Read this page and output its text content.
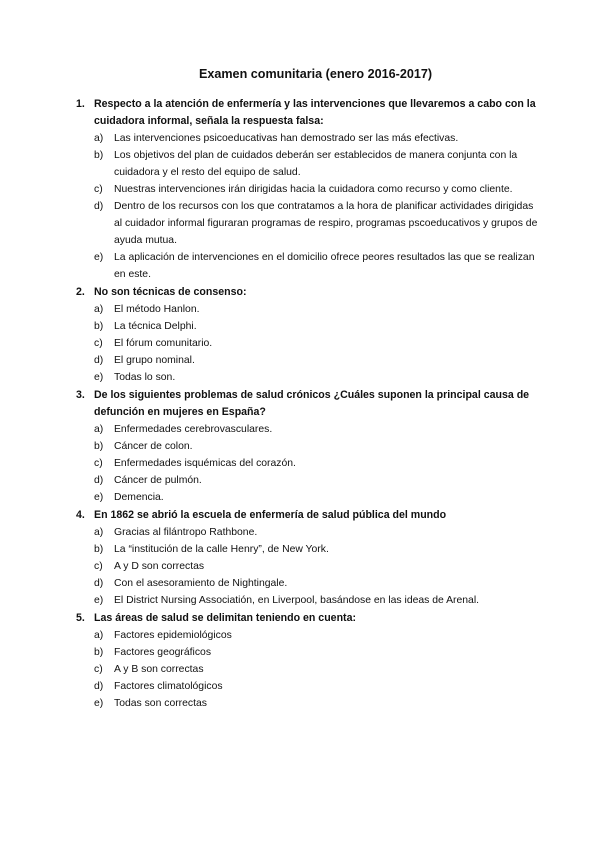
Examen comunitaria (enero 2016-2017)
1. Respecto a la atención de enfermería y las intervenciones que llevaremos a cabo con la cuidadora informal, señala la respuesta falsa:
a) Las intervenciones psicoeducativas han demostrado ser las más efectivas.
b) Los objetivos del plan de cuidados deberán ser establecidos de manera conjunta con la cuidadora y el resto del equipo de salud.
c) Nuestras intervenciones irán dirigidas hacia la cuidadora como recurso y como cliente.
d) Dentro de los recursos con los que contratamos a la hora de planificar actividades dirigidas al cuidador informal figuraran programas de respiro, programas pscoeducativos y grupos de ayuda mutua.
e) La aplicación de intervenciones en el domicilio ofrece peores resultados las que se realizan en este.
2. No son técnicas de consenso:
a) El método Hanlon.
b) La técnica Delphi.
c) El fórum comunitario.
d) El grupo nominal.
e) Todas lo son.
3. De los siguientes problemas de salud crónicos ¿Cuáles suponen la principal causa de defunción en mujeres en España?
a) Enfermedades cerebrovasculares.
b) Cáncer de colon.
c) Enfermedades isquémicas del corazón.
d) Cáncer de pulmón.
e) Demencia.
4. En 1862 se abrió la escuela de enfermería de salud pública del mundo
a) Gracias al filántropo Rathbone.
b) La “institución de la calle Henry”, de New York.
c) A y D son correctas
d) Con el asesoramiento de Nightingale.
e) El District Nursing Associatión, en Liverpool, basándose en las ideas de Arenal.
5. Las áreas de salud se delimitan teniendo en cuenta:
a) Factores epidemiológicos
b) Factores geográficos
c) A y B son correctas
d) Factores climatológicos
e) Todas son correctas
